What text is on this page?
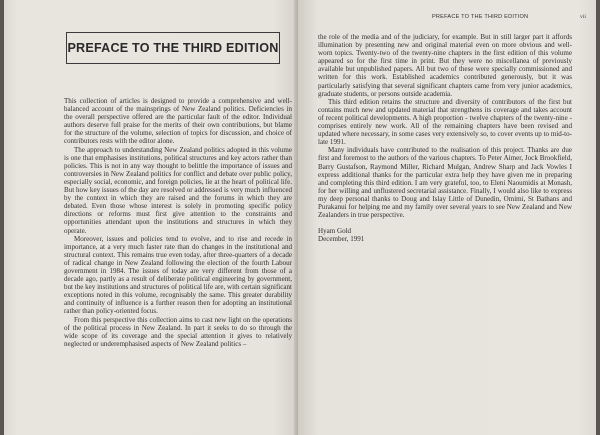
PREFACE TO THE THIRD EDITION

This collection of articles is designed to provide a comprehensive and well-balanced account of the mainsprings of New Zealand politics. Deficiencies in the overall perspective offered are the particular fault of the editor. Individual authors deserve full praise for the merits of their own contributions, but blame for the structure of the volume, selection of topics for discussion, and choice of contributors rests with the editor alone.

The approach to understanding New Zealand politics adopted in this volume is one that emphasises institutions, political structures and key actors rather than policies. This is not in any way thought to belittle the importance of issues and controversies in New Zealand politics for conflict and debate over public policy, especially social, economic, and foreign policies, lie at the heart of political life. But how key issues of the day are resolved or addressed is very much influenced by the context in which they are raised and the forums in which they are debated. Even those whose interest is solely in promoting specific policy directions or reforms must first give attention to the constraints and opportunities attendant upon the institutions and structures in which they operate.

Moreover, issues and policies tend to evolve, and to rise and recede in importance, at a very much faster rate than do changes in the institutional and structural context. This remains true even today, after three-quarters of a decade of radical change in New Zealand following the election of the fourth Labour government in 1984. The issues of today are very different from those of a decade ago, partly as a result of deliberate political engineering by government, but the key institutions and structures of political life are, with certain significant exceptions noted in this volume, recognisably the same. This greater durability and continuity of influence is a further reason then for adopting an institutional rather than policy-oriented focus.

From this perspective this collection aims to cast new light on the operations of the political process in New Zealand. In part it seeks to do so through the wide scope of its coverage and the special attention it gives to relatively neglected or underemphasised aspects of New Zealand politics –

PREFACE TO THE THIRD EDITION	vii

the role of the media and of the judiciary, for example. But in still larger part it affords illumination by presenting new and original material even on more obvious and well-worn topics. Twenty-two of the twenty-nine chapters in the first edition of this volume appeared so for the first time in print. But they were no miscellanea of previously available but unpublished papers. All but two of these were specially commissioned and written for this work. Established academics contributed generously, but it was particularly satisfying that several significant chapters came from very junior academics, graduate students, or persons outside academia.

This third edition retains the structure and diversity of contributors of the first but contains much new and updated material that strengthens its coverage and takes account of recent political developments. A high proportion - twelve chapters of the twenty-nine - comprises entirely new work. All of the remaining chapters have been revised and updated where necessary, in some cases very extensively so, to cover events up to mid-to-late 1991.

Many individuals have contributed to the realisation of this project. Thanks are due first and foremost to the authors of the various chapters. To Peter Aimer, Jock Brookfield, Barry Gustafson, Raymond Miller, Richard Mulgan, Andrew Sharp and Jack Vowles I express additional thanks for the particular extra help they have given me in preparing and completing this third edition. I am very grateful, too, to Eleni Naoumidis at Monash, for her willing and unflustered secretarial assistance. Finally, I would also like to express my deep personal thanks to Doug and Islay Little of Dunedin, Omimi, St Bathans and Purakanui for helping me and my family over several years to see New Zealand and New Zealanders in true perspective.

Hyam Gold
December, 1991
